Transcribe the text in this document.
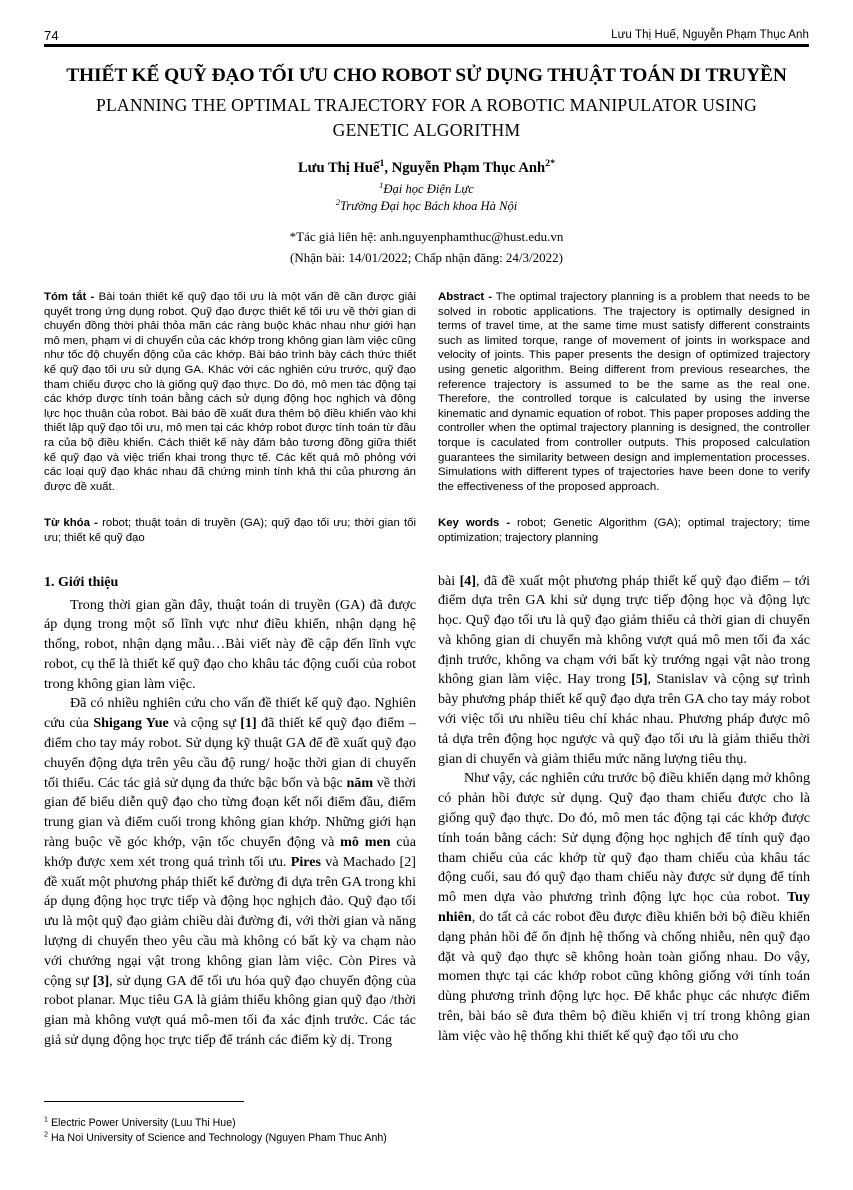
74	Lưu Thị Huế, Nguyễn Phạm Thục Anh
THIẾT KẾ QUỸ ĐẠO TỐI ƯU CHO ROBOT SỬ DỤNG THUẬT TOÁN DI TRUYỀN
PLANNING THE OPTIMAL TRAJECTORY FOR A ROBOTIC MANIPULATOR USING
GENETIC ALGORITHM
Lưu Thị Huế$^1$, Nguyễn Phạm Thục Anh$^{2*}$
$^1$Đại học Điện Lực
$^2$Trường Đại học Bách khoa Hà Nội
*Tác giả liên hệ: anh.nguyenphamthuc@hust.edu.vn
(Nhận bài: 14/01/2022; Chấp nhận đăng: 24/3/2022)
Tóm tắt - Bài toán thiết kế quỹ đạo tối ưu là một vấn đề cần được giải quyết trong ứng dụng robot. Quỹ đạo được thiết kế tối ưu về thời gian di chuyển đồng thời phải thỏa mãn các ràng buộc khác nhau như giới hạn mô men, phạm vi di chuyển của các khớp trong không gian làm việc cũng như tốc độ chuyển động của các khớp. Bài báo trình bày cách thức thiết kế quỹ đạo tối ưu sử dụng GA. Khác với các nghiên cứu trước, quỹ đạo tham chiếu được cho là giống quỹ đạo thực. Do đó, mô men tác động tại các khớp được tính toán bằng cách sử dụng động học nghịch và động lực học thuận của robot. Bài báo đề xuất đưa thêm bộ điều khiển vào khi thiết lập quỹ đạo tối ưu, mô men tại các khớp robot được tính toán từ đầu ra của bộ điều khiển. Cách thiết kế này đảm bảo tương đồng giữa thiết kế quỹ đạo và việc triển khai trong thực tế. Các kết quả mô phỏng với các loại quỹ đạo khác nhau đã chứng minh tính khả thi của phương án được đề xuất.
Từ khóa - robot; thuật toán di truyền (GA); quỹ đạo tối ưu; thời gian tối ưu; thiết kế quỹ đạo
1. Giới thiệu

Trong thời gian gần đây, thuật toán di truyền (GA) đã được áp dụng trong một số lĩnh vực như điều khiển, nhận dạng hệ thống, robot, nhận dạng mẫu…Bài viết này đề cập đến lĩnh vực robot, cụ thể là thiết kế quỹ đạo cho khâu tác động cuối của robot trong không gian làm việc.

Đã có nhiều nghiên cứu cho vấn đề thiết kế quỹ đạo. Nghiên cứu của Shigang Yue và cộng sự [1] đã thiết kế quỹ đạo điểm – điểm cho tay máy robot. Sử dụng kỹ thuật GA để đề xuất quỹ đạo chuyển động dựa trên yêu cầu độ rung/ hoặc thời gian di chuyển tối thiểu. Các tác giả sử dụng đa thức bậc bốn và bậc năm về thời gian để biểu diễn quỹ đạo cho từng đoạn kết nối điểm đầu, điểm trung gian và điểm cuối trong không gian khớp. Những giới hạn ràng buộc về góc khớp, vận tốc chuyển động và mô men của khớp được xem xét trong quá trình tối ưu. Pires và Machado [2] đề xuất một phương pháp thiết kế đường đi dựa trên GA trong khi áp dụng động học trực tiếp và động học nghịch đảo. Quỹ đạo tối ưu là một quỹ đạo giảm chiều dài đường đi, với thời gian và năng lượng di chuyển theo yêu cầu mà không có bất kỳ va chạm nào với chướng ngại vật trong không gian làm việc. Còn Pires và cộng sự [3], sử dụng GA để tối ưu hóa quỹ đạo chuyển động của robot planar. Mục tiêu GA là giảm thiểu không gian quỹ đạo /thời gian mà không vượt quá mô-men tối đa xác định trước. Các tác giả sử dụng động học trực tiếp để tránh các điểm kỳ dị. Trong

Abstract - The optimal trajectory planning is a problem that needs to be solved in robotic applications. The trajectory is optimally designed in terms of travel time, at the same time must satisfy different constraints such as limited torque, range of movement of joints in workspace and velocity of joints. This paper presents the design of optimized trajectory using genetic algorithm. Being different from previous researches, the reference trajectory is assumed to be the same as the real one. Therefore, the controlled torque is calculated by using the inverse kinematic and dynamic equation of robot. This paper proposes adding the controller when the optimal trajectory planning is designed, the controller torque is caculated from controller outputs. This proposed calculation guarantees the similarity between design and implementation processes. Simulations with different types of trajectories have been done to verify the effectiveness of the proposed approach.
Key words - robot; Genetic Algorithm (GA); optimal trajectory; time optimization; trajectory planning

bài [4], đã đề xuất một phương pháp thiết kế quỹ đạo điểm – tới điểm dựa trên GA khi sử dụng trực tiếp động học và động lực học. Quỹ đạo tối ưu là quỹ đạo giảm thiểu cả thời gian di chuyển và không gian di chuyển mà không vượt quá mô men tối đa xác định trước, không va chạm với bất kỳ trướng ngại vật nào trong không gian làm việc. Hay trong [5], Stanislav và cộng sự trình bày phương pháp thiết kế quỹ đạo dựa trên GA cho tay máy robot với việc tối ưu nhiều tiêu chí khác nhau. Phương pháp được mô tả dựa trên động học ngược và quỹ đạo tối ưu là giảm thiểu thời gian di chuyển và giảm thiểu mức năng lượng tiêu thụ.

Như vậy, các nghiên cứu trước bộ điều khiển dạng mở không có phản hồi được sử dụng. Quỹ đạo tham chiếu được cho là giống quỹ đạo thực. Do đó, mô men tác động tại các khớp được tính toán bằng cách: Sử dụng động học nghịch để tính quỹ đạo tham chiếu của các khớp từ quỹ đạo tham chiếu của khâu tác động cuối, sau đó quỹ đạo tham chiếu này được sử dụng để tính mô men dựa vào phương trình động lực học của robot. Tuy nhiên, do tất cả các robot đều được điều khiển bởi bộ điều khiển dạng phản hồi để ổn định hệ thống và chống nhiễu, nên quỹ đạo đặt và quỹ đạo thực sẽ không hoàn toàn giống nhau. Do vậy, momen thực tại các khớp robot cũng không giống với tính toán dùng phương trình động lực học. Để khắc phục các nhược điểm trên, bài báo sẽ đưa thêm bộ điều khiển vị trí trong không gian làm việc vào hệ thống khi thiết kế quỹ đạo tối ưu cho

$^1$ Electric Power University (Luu Thi Hue)
$^2$ Ha Noi University of Science and Technology (Nguyen Pham Thuc Anh)
